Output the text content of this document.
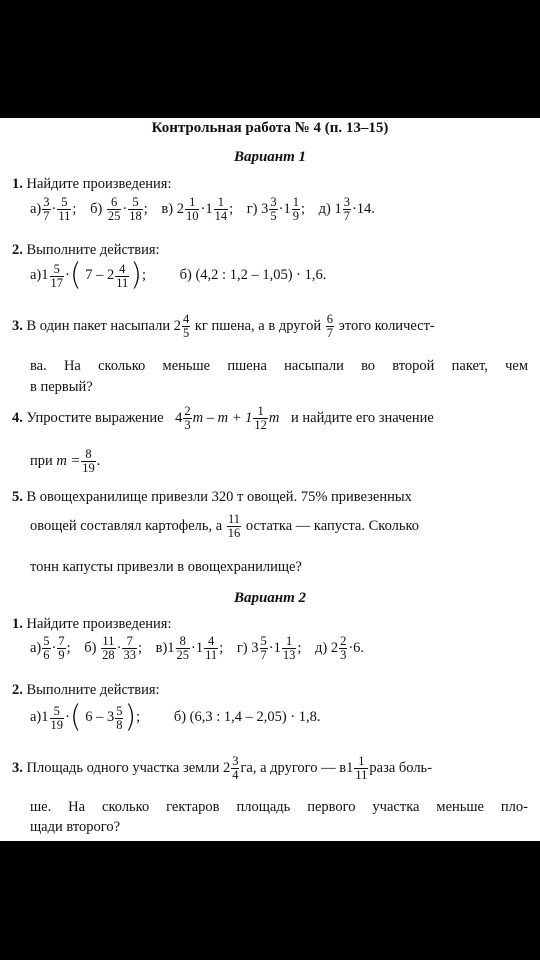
Контрольная работа № 4 (п. 13–15)
Вариант 1
1. Найдите произведения:
$а) \frac{3}{7} \cdot \frac{5}{11}$ ; $б) \frac{6}{25} \cdot \frac{5}{18}$ ; в) $2 \frac{1}{10} \cdot 1 \frac{1}{14}$ ; г) $3 \frac{3}{5} \cdot 1 \frac{1}{9}$ ; д) $1 \frac{3}{7} \cdot 14$.
2. Выполните действия:
$а)1 \frac{5}{17}$ ·( $7 - 2 \frac{4}{11}$ ); б) (4,2 : 1,2 – 1,05) · 1,6.
3. В один пакет насыпали $2 \frac{4}{5}$ кг пшена, а в другой $\frac{6}{7}$ этого количест-
ва. На сколько меньше пшена насыпали во второй пакет, чем
в первый?
4. Упростите выражение $4 \frac{2}{3}$ $m - m + 1 \frac{1}{12}$ m и найдите его значение
при $m = \frac{8}{19}$ .
5. В овощехранилище привезли 320 т овощей. 75% привезенных
овощей составлял картофель, а $\frac{11}{16}$ остатка — капуста. Сколько
тонн капусты привезли в овощехранилище?
Вариант 2
1. Найдите произведения:
$а) \frac{5}{6} \cdot \frac{7}{9}$ ; $б) \frac{11}{28} \cdot \frac{7}{33}$ ; $в)1 \frac{8}{25} \cdot 1 \frac{4}{11}$ ; г) $3 \frac{5}{7} \cdot 1 \frac{1}{13}$ ; д) $2 \frac{2}{3} \cdot 6$.
2. Выполните действия:
$а)1 \frac{5}{19}$ ·( $6 - 3 \frac{5}{8}$ ); б) (6,3 : 1,4 – 2,05) · 1,8.
3. Площадь одного участка земли $2 \frac{3}{4}$ га, а другого — $в1 \frac{1}{11}$ раза боль-
ше. На сколько гектаров площадь первого участка меньше пло-
щади второго?
